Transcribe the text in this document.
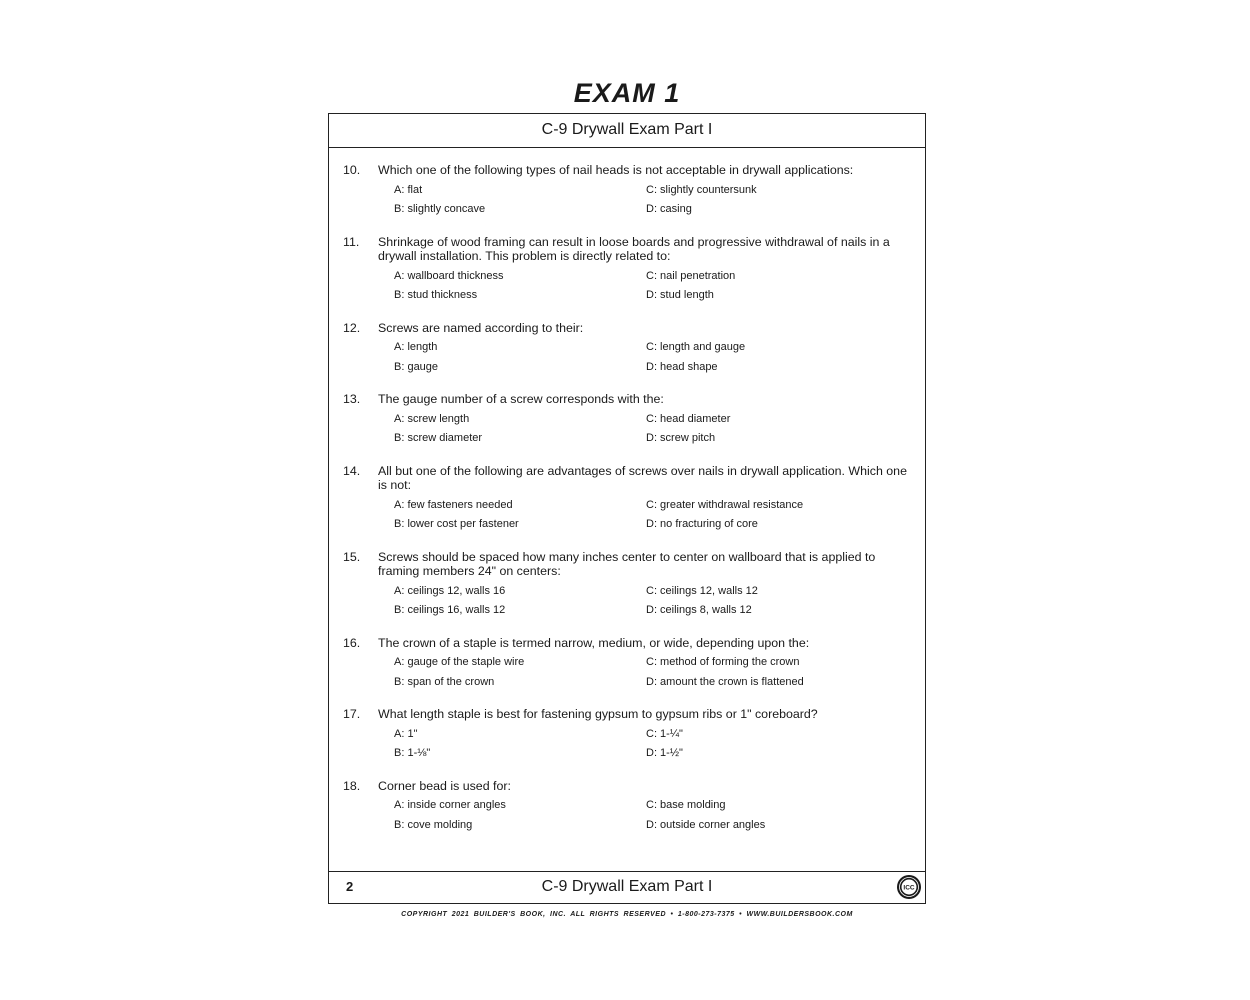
EXAM 1
C-9 Drywall Exam Part I
10.	Which one of the following types of nail heads is not acceptable in drywall applications:
A: flat	C: slightly countersunk
B: slightly concave	D: casing
11.	Shrinkage of wood framing can result in loose boards and progressive withdrawal of nails in a drywall installation. This problem is directly related to:
A: wallboard thickness	C: nail penetration
B: stud thickness	D: stud length
12.	Screws are named according to their:
A: length	C: length and gauge
B: gauge	D: head shape
13.	The gauge number of a screw corresponds with the:
A: screw length	C: head diameter
B: screw diameter	D: screw pitch
14.	All but one of the following are advantages of screws over nails in drywall application. Which one is not:
A: few fasteners needed	C: greater withdrawal resistance
B: lower cost per fastener	D: no fracturing of core
15.	Screws should be spaced how many inches center to center on wallboard that is applied to framing members 24" on centers:
A: ceilings 12, walls 16	C: ceilings 12, walls 12
B: ceilings 16, walls 12	D: ceilings 8, walls 12
16.	The crown of a staple is termed narrow, medium, or wide, depending upon the:
A: gauge of the staple wire	C: method of forming the crown
B: span of the crown	D: amount the crown is flattened
17.	What length staple is best for fastening gypsum to gypsum ribs or 1" coreboard?
A: 1"	C: 1-¼"
B: 1-⅛"	D: 1-½"
18.	Corner bead is used for:
A: inside corner angles	C: base molding
B: cove molding	D: outside corner angles
2	C-9 Drywall Exam Part I	ICC
COPYRIGHT 2021 BUILDER'S BOOK, INC. ALL RIGHTS RESERVED • 1-800-273-7375 • WWW.BUILDERSBOOK.COM
